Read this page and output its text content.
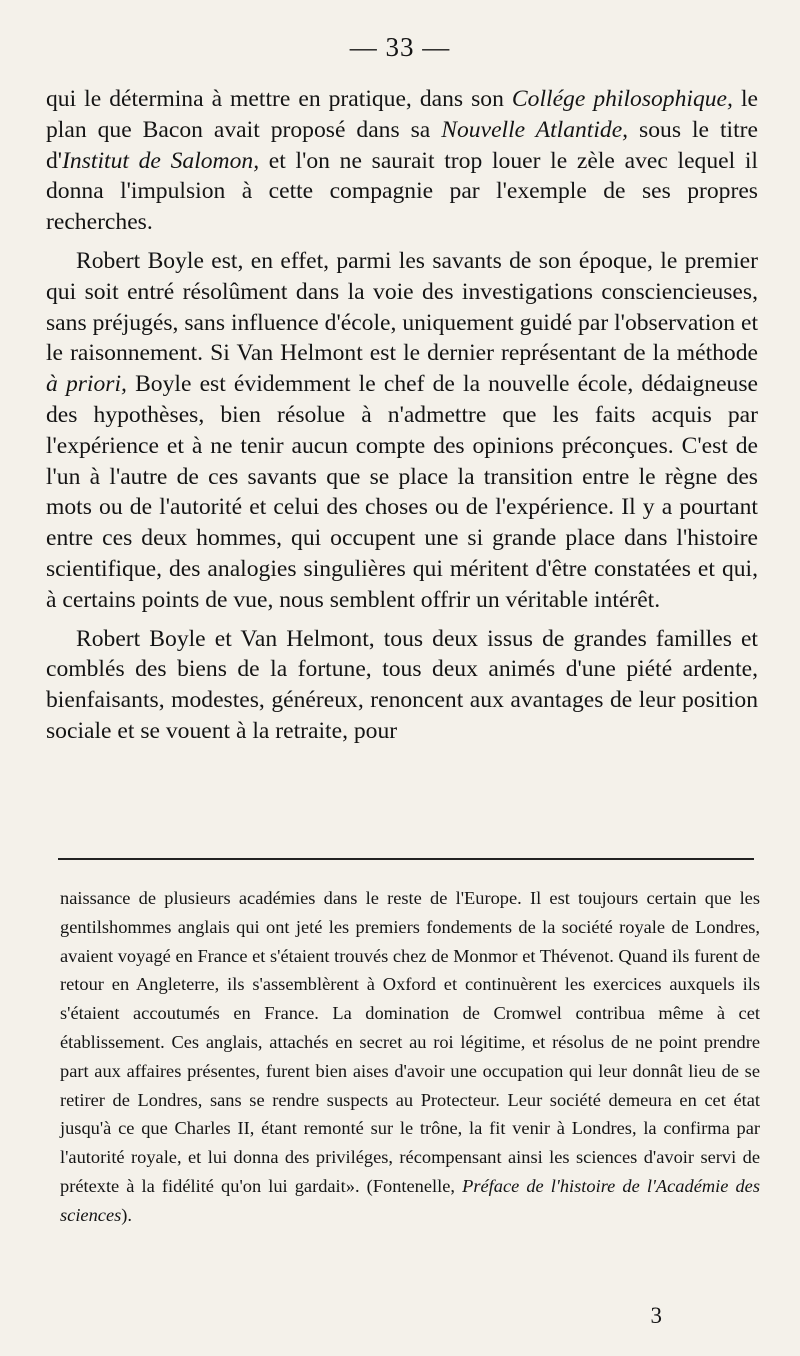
— 33 —

qui le détermina à mettre en pratique, dans son Collége philosophique, le plan que Bacon avait proposé dans sa Nouvelle Atlantide, sous le titre d'Institut de Salomon, et l'on ne saurait trop louer le zèle avec lequel il donna l'impulsion à cette compagnie par l'exemple de ses propres recherches.

Robert Boyle est, en effet, parmi les savants de son époque, le premier qui soit entré résolûment dans la voie des investigations consciencieuses, sans préjugés, sans influence d'école, uniquement guidé par l'observation et le raisonnement. Si Van Helmont est le dernier représentant de la méthode à priori, Boyle est évidemment le chef de la nouvelle école, dédaigneuse des hypothèses, bien résolue à n'admettre que les faits acquis par l'expérience et à ne tenir aucun compte des opinions préconçues. C'est de l'un à l'autre de ces savants que se place la transition entre le règne des mots ou de l'autorité et celui des choses ou de l'expérience. Il y a pourtant entre ces deux hommes, qui occupent une si grande place dans l'histoire scientifique, des analogies singulières qui méritent d'être constatées et qui, à certains points de vue, nous semblent offrir un véritable intérêt.

Robert Boyle et Van Helmont, tous deux issus de grandes familles et comblés des biens de la fortune, tous deux animés d'une piété ardente, bienfaisants, modestes, généreux, renoncent aux avantages de leur position sociale et se vouent à la retraite, pour

naissance de plusieurs académies dans le reste de l'Europe. Il est toujours certain que les gentilshommes anglais qui ont jeté les premiers fondements de la société royale de Londres, avaient voyagé en France et s'étaient trouvés chez de Monmor et Thévenot. Quand ils furent de retour en Angleterre, ils s'assemblèrent à Oxford et continuèrent les exercices auxquels ils s'étaient accoutumés en France. La domination de Cromwel contribua même à cet établissement. Ces anglais, attachés en secret au roi légitime, et résolus de ne point prendre part aux affaires présentes, furent bien aises d'avoir une occupation qui leur donnât lieu de se retirer de Londres, sans se rendre suspects au Protecteur. Leur société demeura en cet état jusqu'à ce que Charles II, étant remonté sur le trône, la fit venir à Londres, la confirma par l'autorité royale, et lui donna des priviléges, récompensant ainsi les sciences d'avoir servi de prétexte à la fidélité qu'on lui gardait». (Fontenelle, Préface de l'histoire de l'Académie des sciences).

3
